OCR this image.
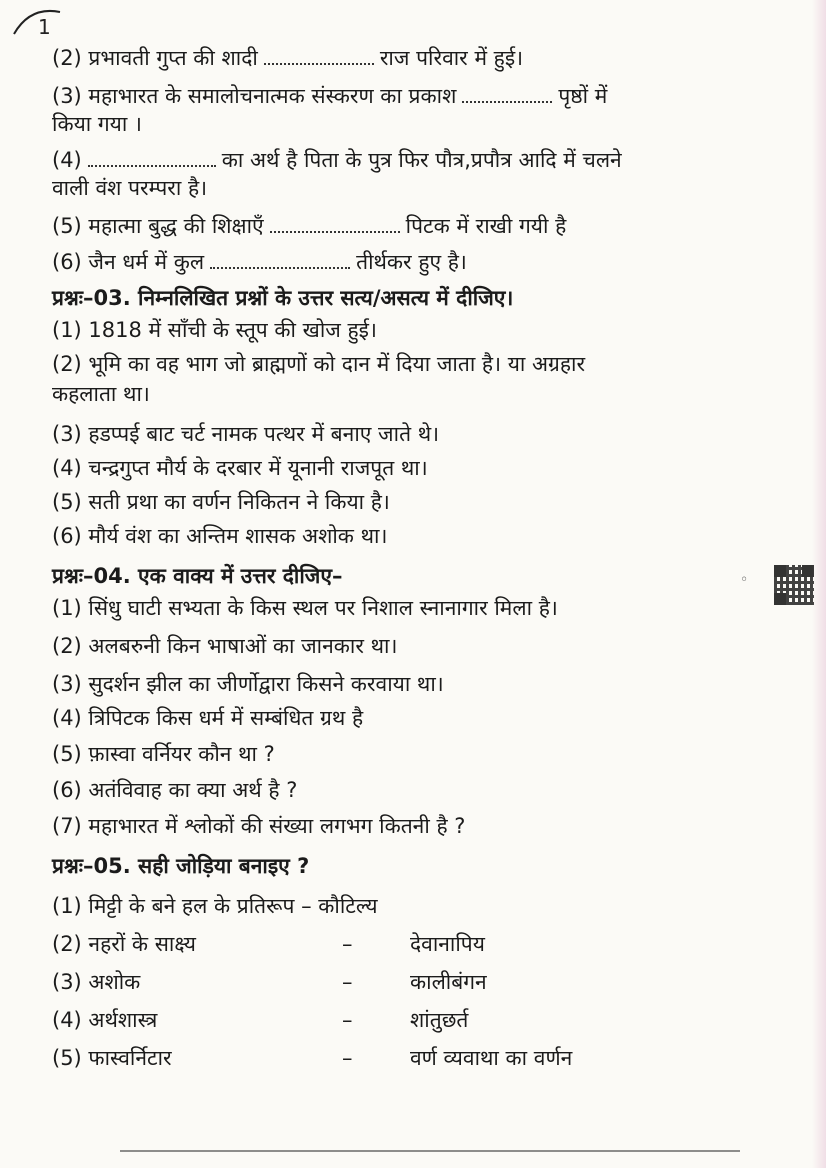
1
(2) प्रभावती गुप्त की शादी	राज परिवार में हुई।
(3) महाभारत के समालोचनात्मक संस्करण का प्रकाश	पृष्ठों में
किया गया ।
(4)	का अर्थ है पिता के पुत्र फिर पौत्र,प्रपौत्र आदि में चलने
वाली वंश परम्परा है।
(5) महात्मा बुद्ध की शिक्षाएँ	पिटक में राखी गयी है
(6) जैन धर्म में कुल	तीर्थकर हुए है।
प्रश्नः–03. निम्नलिखित प्रश्नों के उत्तर सत्य/असत्य में दीजिए।
(1) 1818 में साँची के स्तूप की खोज हुई।
(2) भूमि का वह भाग जो ब्राह्मणों को दान में दिया जाता है। या अग्रहार
कहलाता था।
(3) हडप्पई बाट चर्ट नामक पत्थर में बनाए जाते थे।
(4) चन्द्रगुप्त मौर्य के दरबार में यूनानी राजपूत था।
(5) सती प्रथा का वर्णन निकितन ने किया है।
(6) मौर्य वंश का अन्तिम शासक अशोक था।
प्रश्नः–04. एक वाक्य में उत्तर दीजिए–
(1) सिंधु घाटी सभ्यता के किस स्थल पर निशाल स्नानागार मिला है।
(2) अलबरुनी किन भाषाओं का जानकार था।
(3) सुदर्शन झील का जीर्णोद्वारा किसने करवाया था।
(4) त्रिपिटक किस धर्म में सम्बंधित ग्रथ है
(5) फ़ास्वा वर्नियर कौन था ?
(6) अतंविवाह का क्या अर्थ है ?
(7) महाभारत में श्लोकों की संख्या लगभग कितनी है ?
प्रश्नः–05. सही जोड़िया बनाइए ?
(1) मिट्टी के बने हल के प्रतिरूप – कौटिल्य
(2) नहरों के साक्ष्य	–	देवानापिय
(3) अशोक	–	कालीबंगन
(4) अर्थशास्त्र	–	शांतुछर्त
(5) फास्वर्निटार	–	वर्ण व्यवाथा का वर्णन
◦
